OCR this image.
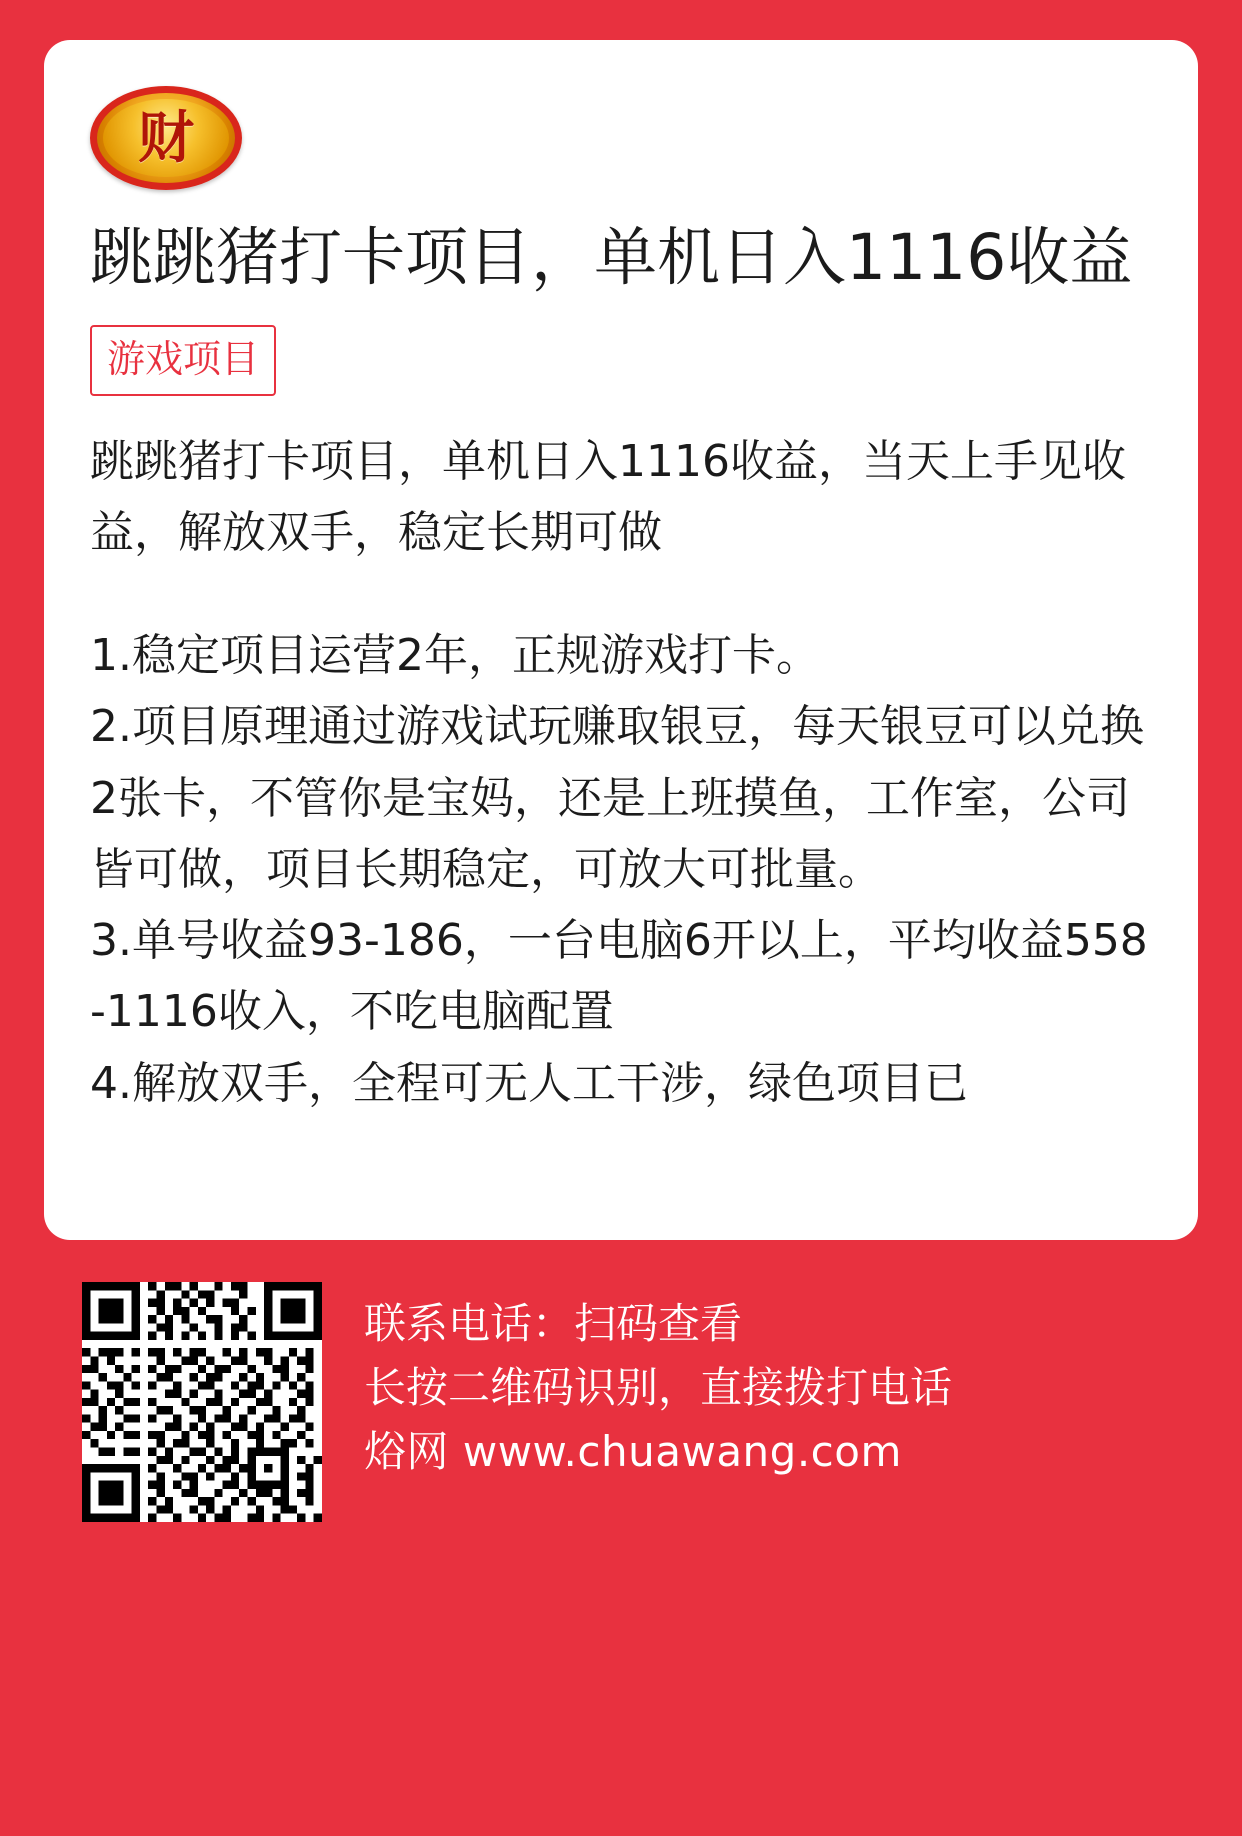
财
跳跳猪打卡项目，单机日入1116收益
游戏项目
跳跳猪打卡项目，单机日入1116收益，当天上手见收益，解放双手，稳定长期可做
1.稳定项目运营2年，正规游戏打卡。
2.项目原理通过游戏试玩赚取银豆，每天银豆可以兑换2张卡，不管你是宝妈，还是上班摸鱼，工作室，公司皆可做，项目长期稳定，可放大可批量。
3.单号收益93-186，一台电脑6开以上，平均收益558-1116收入，不吃电脑配置
4.解放双手，全程可无人工干涉，绿色项目已
联系电话：扫码查看
长按二维码识别，直接拨打电话
焀网 www.chuawang.com
